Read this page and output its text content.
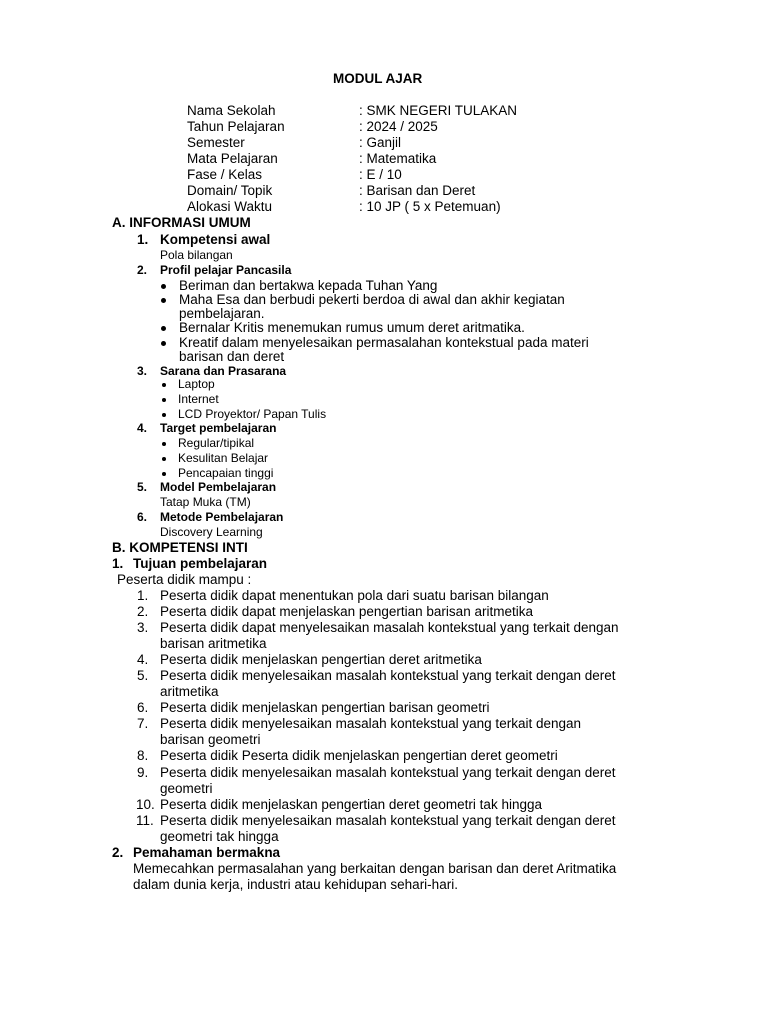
MODUL AJAR
Nama Sekolah	: SMK NEGERI TULAKAN
Tahun Pelajaran	: 2024 / 2025
Semester	: Ganjil
Mata Pelajaran	: Matematika
Fase / Kelas	: E / 10
Domain/ Topik	: Barisan dan Deret
Alokasi Waktu	: 10 JP ( 5 x Petemuan)
A. INFORMASI UMUM
1. Kompetensi awal
Pola bilangan
2. Profil pelajar Pancasila
Beriman dan bertakwa kepada Tuhan Yang
Maha Esa dan berbudi pekerti berdoa di awal dan akhir kegiatan
pembelajaran.
Bernalar Kritis menemukan rumus umum deret aritmatika.
Kreatif dalam menyelesaikan permasalahan kontekstual pada materi
barisan dan deret
3. Sarana dan Prasarana
Laptop
Internet
LCD Proyektor/ Papan Tulis
4. Target pembelajaran
Regular/tipikal
Kesulitan Belajar
Pencapaian tinggi
5. Model Pembelajaran
Tatap Muka (TM)
6. Metode Pembelajaran
Discovery Learning
B. KOMPETENSI INTI
1. Tujuan pembelajaran
Peserta didik mampu :
1. Peserta didik dapat menentukan pola dari suatu barisan bilangan
2. Peserta didik dapat menjelaskan pengertian barisan aritmetika
3. Peserta didik dapat menyelesaikan masalah kontekstual yang terkait dengan
barisan aritmetika
4. Peserta didik menjelaskan pengertian deret aritmetika
5. Peserta didik menyelesaikan masalah kontekstual yang terkait dengan deret
aritmetika
6. Peserta didik menjelaskan pengertian barisan geometri
7. Peserta didik menyelesaikan masalah kontekstual yang terkait dengan
barisan geometri
8. Peserta didik Peserta didik menjelaskan pengertian deret geometri
9. Peserta didik menyelesaikan masalah kontekstual yang terkait dengan deret
geometri
10. Peserta didik menjelaskan pengertian deret geometri tak hingga
11. Peserta didik menyelesaikan masalah kontekstual yang terkait dengan deret
geometri tak hingga
2. Pemahaman bermakna
Memecahkan permasalahan yang berkaitan dengan barisan dan deret Aritmatika
dalam dunia kerja, industri atau kehidupan sehari-hari.
